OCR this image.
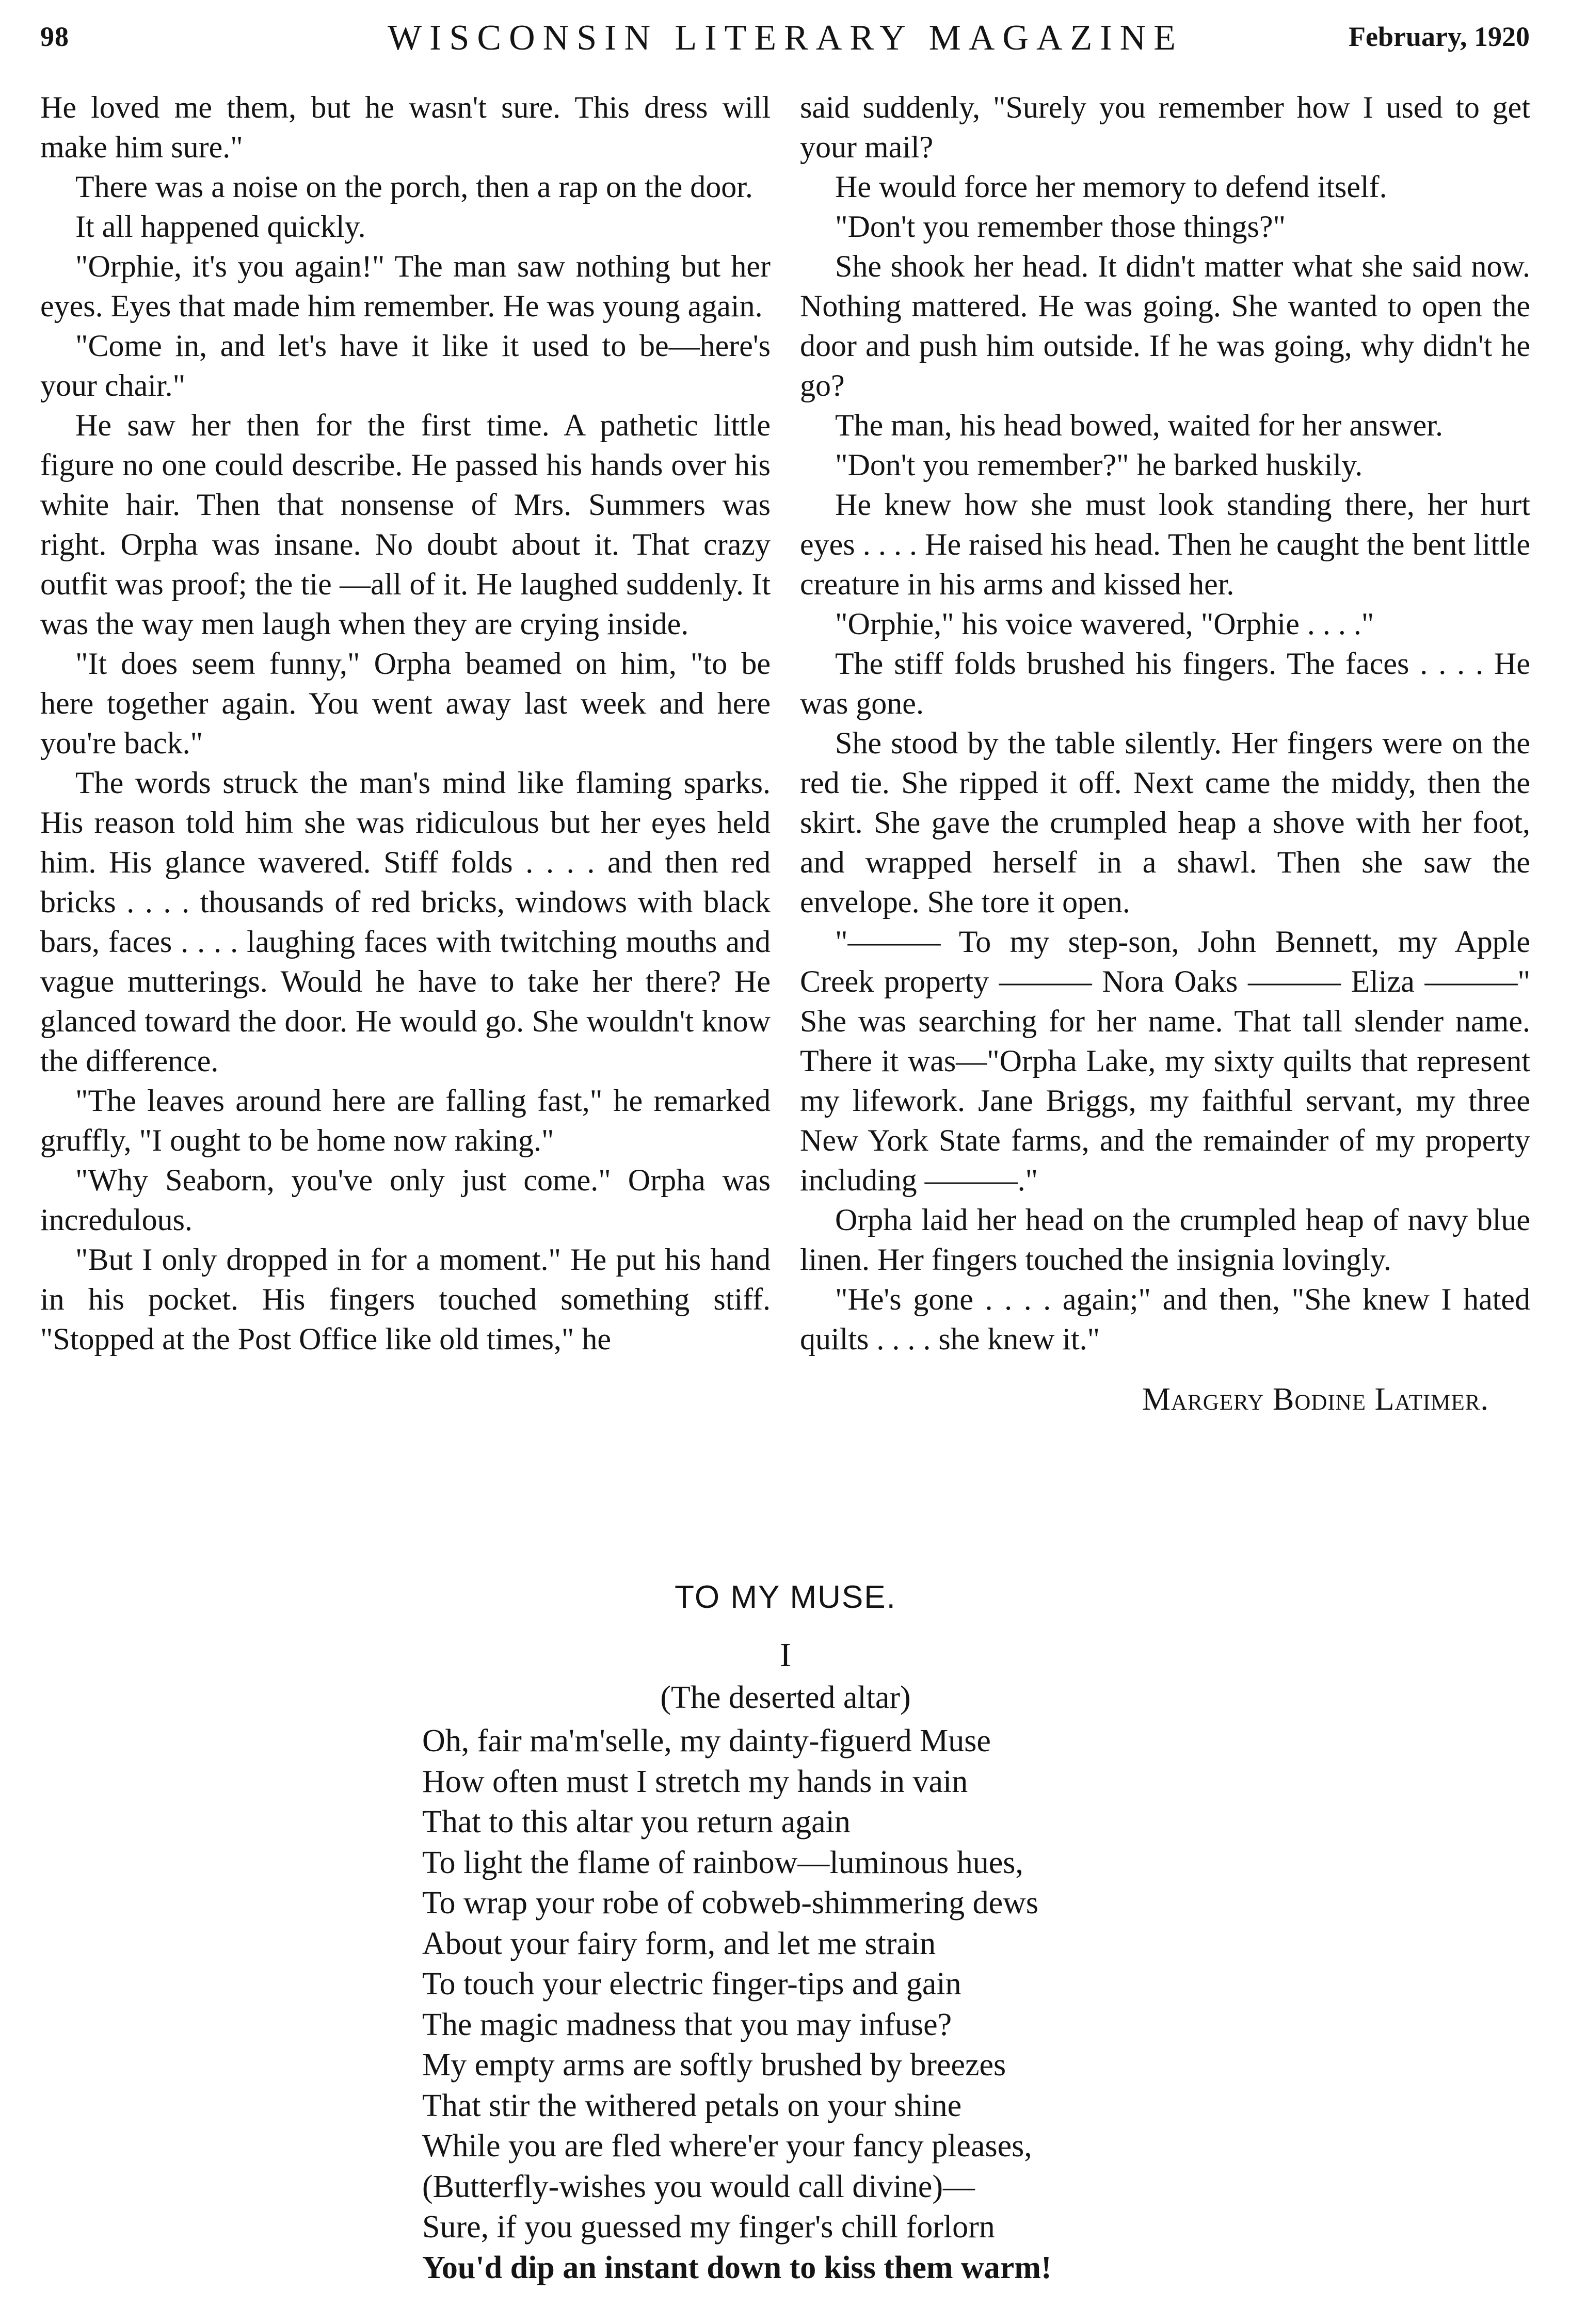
98	WISCONSIN LITERARY MAGAZINE	February, 1920

He loved me them, but he wasn't sure. This dress will make him sure."

There was a noise on the porch, then a rap on the door.

It all happened quickly.

"Orphie, it's you again!" The man saw nothing but her eyes. Eyes that made him remember. He was young again.

"Come in, and let's have it like it used to be—here's your chair."

He saw her then for the first time. A pathetic little figure no one could describe. He passed his hands over his white hair. Then that nonsense of Mrs. Summers was right. Orpha was insane. No doubt about it. That crazy outfit was proof; the tie —all of it. He laughed suddenly. It was the way men laugh when they are crying inside.

"It does seem funny," Orpha beamed on him, "to be here together again. You went away last week and here you're back."

The words struck the man's mind like flaming sparks. His reason told him she was ridiculous but her eyes held him. His glance wavered. Stiff folds . . . . and then red bricks . . . . thousands of red bricks, windows with black bars, faces . . . . laughing faces with twitching mouths and vague mutterings. Would he have to take her there? He glanced toward the door. He would go. She wouldn't know the difference.

"The leaves around here are falling fast," he remarked gruffly, "I ought to be home now raking."

"Why Seaborn, you've only just come." Orpha was incredulous.

"But I only dropped in for a moment." He put his hand in his pocket. His fingers touched something stiff. "Stopped at the Post Office like old times," he

said suddenly, "Surely you remember how I used to get your mail?

He would force her memory to defend itself.

"Don't you remember those things?"

She shook her head. It didn't matter what she said now. Nothing mattered. He was going. She wanted to open the door and push him outside. If he was going, why didn't he go?

The man, his head bowed, waited for her answer.

"Don't you remember?" he barked huskily.

He knew how she must look standing there, her hurt eyes . . . . He raised his head. Then he caught the bent little creature in his arms and kissed her.

"Orphie," his voice wavered, "Orphie . . . ."

The stiff folds brushed his fingers. The faces . . . . He was gone.

She stood by the table silently. Her fingers were on the red tie. She ripped it off. Next came the middy, then the skirt. She gave the crumpled heap a shove with her foot, and wrapped herself in a shawl. Then she saw the envelope. She tore it open.

"——— To my step-son, John Bennett, my Apple Creek property ——— Nora Oaks ——— Eliza ———" She was searching for her name. That tall slender name. There it was—"Orpha Lake, my sixty quilts that represent my lifework. Jane Briggs, my faithful servant, my three New York State farms, and the remainder of my property including ———."

Orpha laid her head on the crumpled heap of navy blue linen. Her fingers touched the insignia lovingly.

"He's gone . . . . again;" and then, "She knew I hated quilts . . . . she knew it."

Margery Bodine Latimer.
TO MY MUSE.
I
(The deserted altar)
Oh, fair ma'm'selle, my dainty-figuerd Muse
How often must I stretch my hands in vain
That to this altar you return again
To light the flame of rainbow—luminous hues,
To wrap your robe of cobweb-shimmering dews
About your fairy form, and let me strain
To touch your electric finger-tips and gain
The magic madness that you may infuse?
My empty arms are softly brushed by breezes
That stir the withered petals on your shine
While you are fled where'er your fancy pleases,
(Butterfly-wishes you would call divine)—
Sure, if you guessed my finger's chill forlorn
You'd dip an instant down to kiss them warm!
